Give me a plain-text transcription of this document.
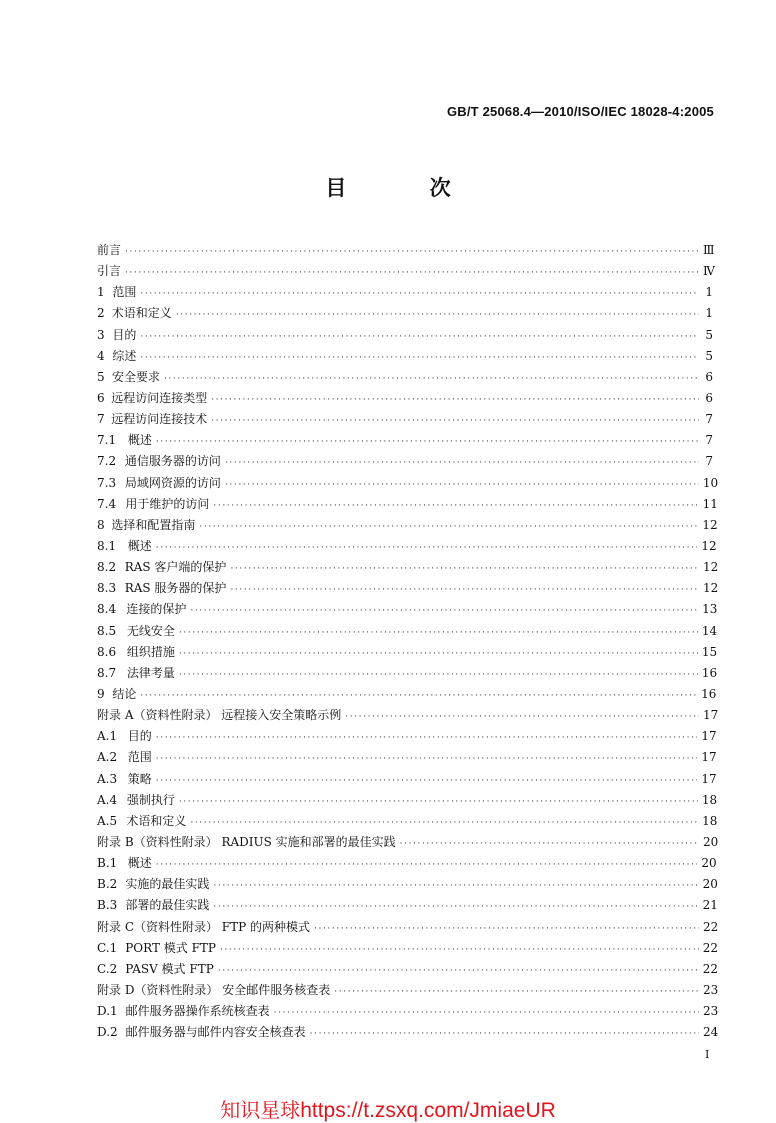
GB/T 25068.4—2010/ISO/IEC 18028-4:2005
目 次
前言 ·····	Ⅲ
引言 ·····	Ⅳ
1 范围 ·····	1
2 术语和定义 ·····	1
3 目的 ·····	5
4 综述 ·····	5
5 安全要求 ·····	6
6 远程访问连接类型 ·····	6
7 远程访问连接技术 ·····	7
7.1 概述 ·····	7
7.2 通信服务器的访问 ·····	7
7.3 局域网资源的访问 ·····	10
7.4 用于维护的访问 ·····	11
8 选择和配置指南 ·····	12
8.1 概述 ·····	12
8.2 RAS 客户端的保护 ·····	12
8.3 RAS 服务器的保护 ·····	12
8.4 连接的保护 ·····	13
8.5 无线安全 ·····	14
8.6 组织措施 ·····	15
8.7 法律考量 ·····	16
9 结论 ·····	16
附录 A（资料性附录） 远程接入安全策略示例 ·····	17
A.1 目的 ·····	17
A.2 范围 ·····	17
A.3 策略 ·····	17
A.4 强制执行 ·····	18
A.5 术语和定义 ·····	18
附录 B（资料性附录） RADIUS 实施和部署的最佳实践 ·····	20
B.1 概述 ·····	20
B.2 实施的最佳实践 ·····	20
B.3 部署的最佳实践 ·····	21
附录 C（资料性附录） FTP 的两种模式 ·····	22
C.1 PORT 模式 FTP ·····	22
C.2 PASV 模式 FTP ·····	22
附录 D（资料性附录） 安全邮件服务核查表 ·····	23
D.1 邮件服务器操作系统核查表 ·····	23
D.2 邮件服务器与邮件内容安全核查表 ·····	24
I
知识星球https://t.zsxq.com/JmiaeUR
